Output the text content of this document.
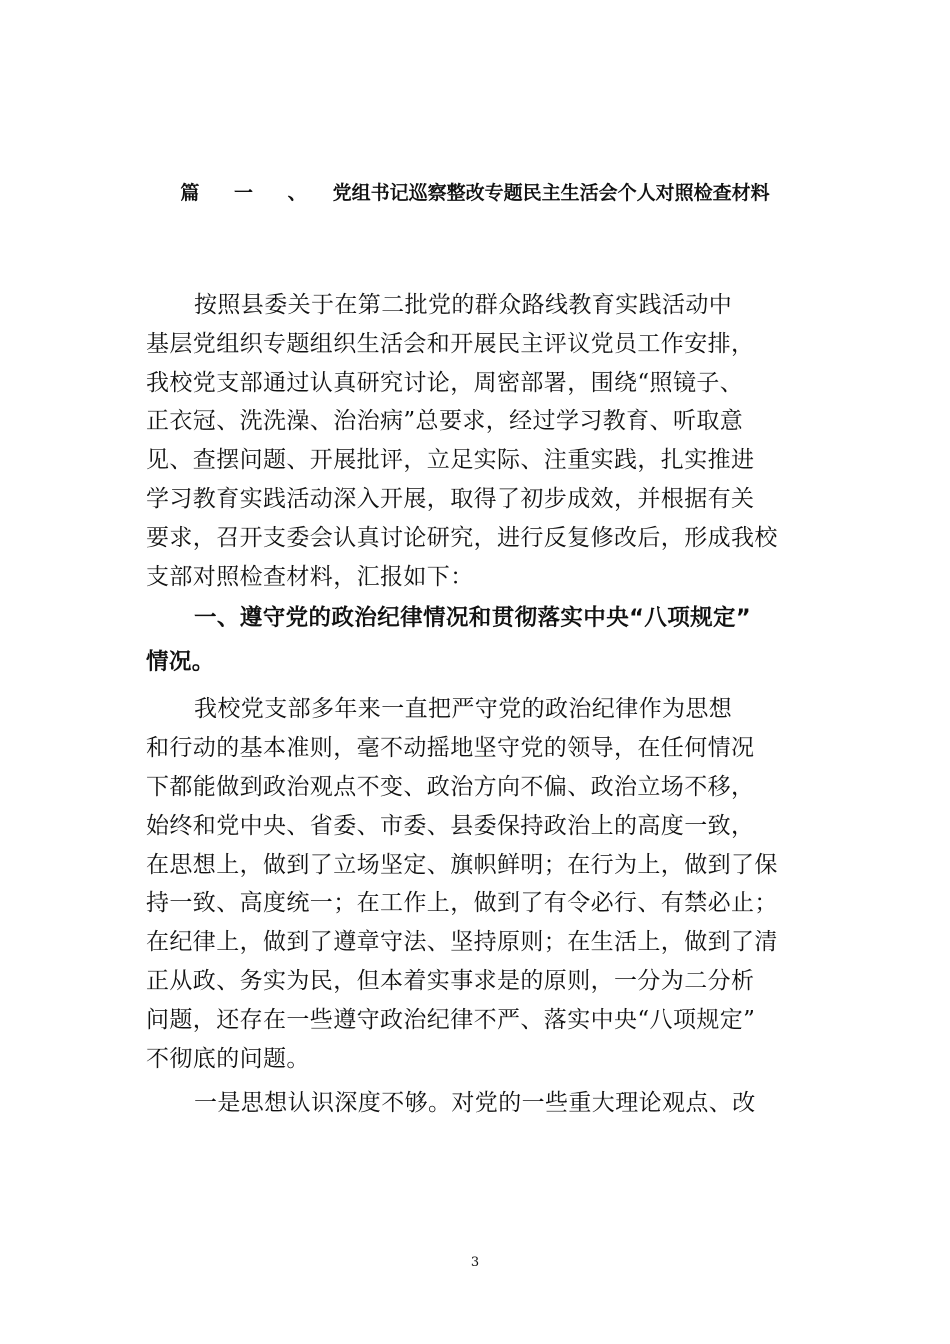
篇 一 、 党组书记巡察整改专题民主生活会个人对照检查材料
按照县委关于在第二批党的群众路线教育实践活动中
基层党组织专题组织生活会和开展民主评议党员工作安排，
我校党支部通过认真研究讨论，周密部署，围绕“照镜子、
正衣冠、洗洗澡、治治病”总要求，经过学习教育、听取意
见、查摆问题、开展批评，立足实际、注重实践，扎实推进
学习教育实践活动深入开展，取得了初步成效，并根据有关
要求，召开支委会认真讨论研究，进行反复修改后，形成我校
支部对照检查材料，汇报如下：
一、遵守党的政治纪律情况和贯彻落实中央“八项规定”
情况。
我校党支部多年来一直把严守党的政治纪律作为思想
和行动的基本准则，毫不动摇地坚守党的领导，在任何情况
下都能做到政治观点不变、政治方向不偏、政治立场不移，
始终和党中央、省委、市委、县委保持政治上的高度一致，
在思想上，做到了立场坚定、旗帜鲜明；在行为上，做到了保
持一致、高度统一；在工作上，做到了有令必行、有禁必止；
在纪律上，做到了遵章守法、坚持原则；在生活上，做到了清
正从政、务实为民，但本着实事求是的原则，一分为二分析
问题，还存在一些遵守政治纪律不严、落实中央“八项规定”
不彻底的问题。
一是思想认识深度不够。对党的一些重大理论观点、改
3
